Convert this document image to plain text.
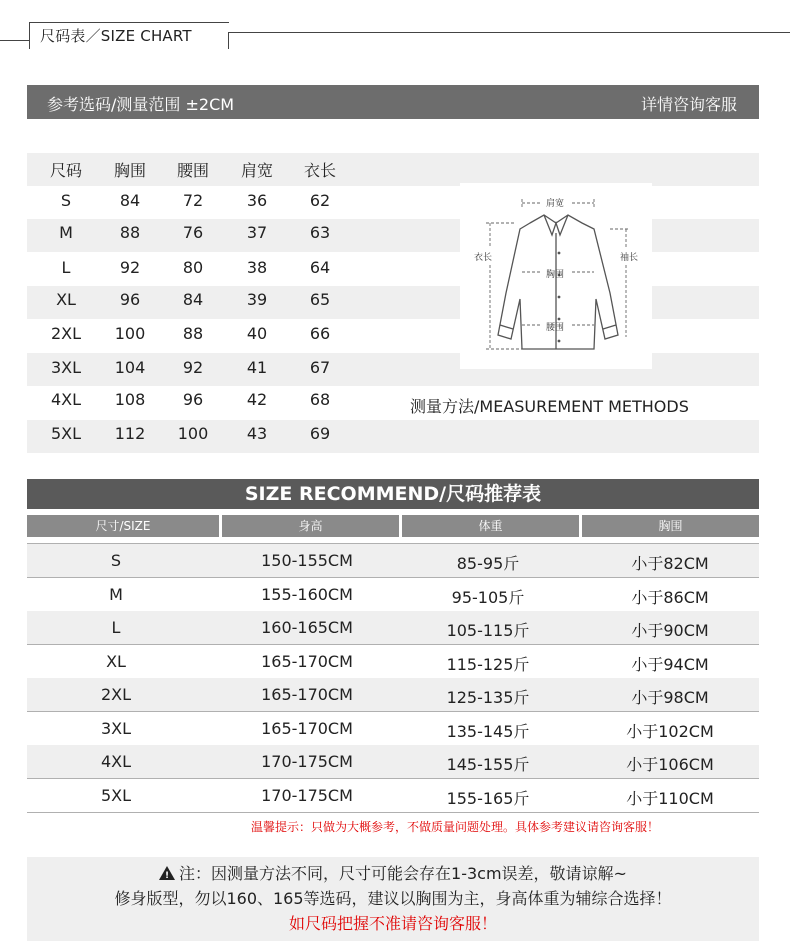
尺码表／SIZE CHART
参考选码/测量范围 ±2CM	详情咨询客服
尺码	胸围	腰围	肩宽	衣长
S	84	72	36	62
M	88	76	37	63
L	92	80	38	64
XL	96	84	39	65
2XL	100	88	40	66
3XL	104	92	41	67
4XL	108	96	42	68
5XL	112	100	43	69
肩宽
衣长	袖长
胸围
腰围
测量方法/MEASUREMENT METHODS
SIZE RECOMMEND/尺码推荐表
尺寸/SIZE	身高	体重	胸围
S	150-155CM	85-95斤	小于82CM
M	155-160CM	95-105斤	小于86CM
L	160-165CM	105-115斤	小于90CM
XL	165-170CM	115-125斤	小于94CM
2XL	165-170CM	125-135斤	小于98CM
3XL	165-170CM	135-145斤	小于102CM
4XL	170-175CM	145-155斤	小于106CM
5XL	170-175CM	155-165斤	小于110CM
温馨提示：只做为大概参考，不做质量问题处理。具体参考建议请咨询客服！
! 注：因测量方法不同，尺寸可能会存在1-3cm误差，敬请谅解~
修身版型，勿以160、165等选码，建议以胸围为主，身高体重为辅综合选择！
如尺码把握不准请咨询客服！
